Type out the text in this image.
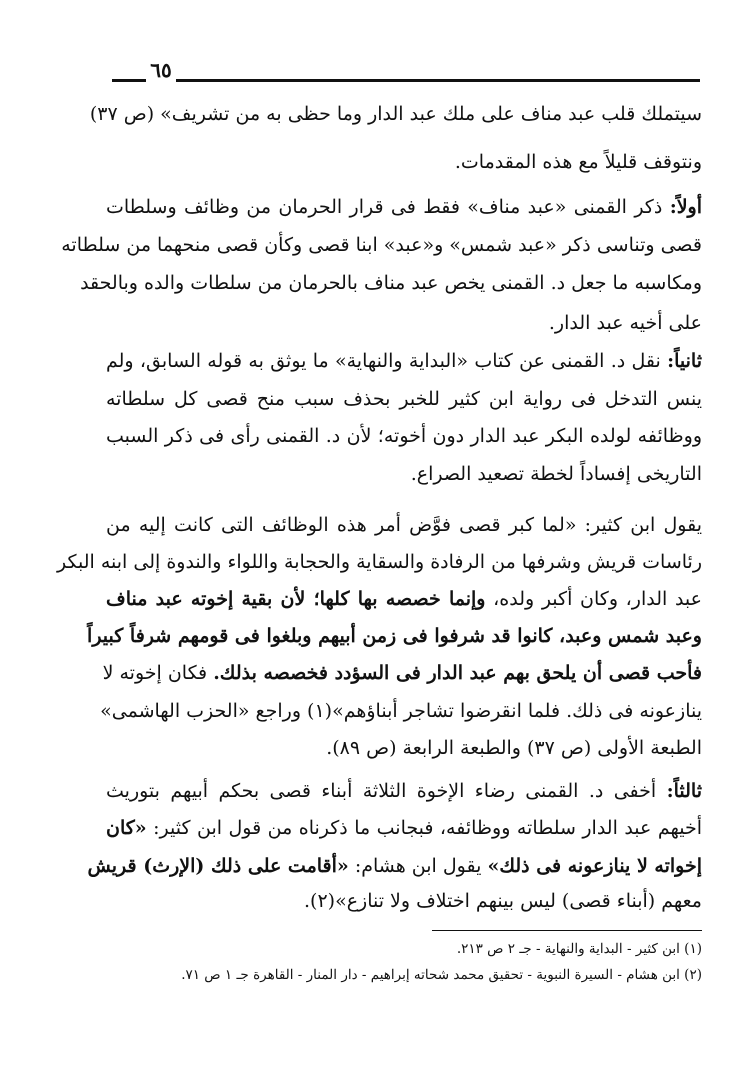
٦٥
سيتملك قلب عبد مناف على ملك عبد الدار وما حظى به من تشريف» (ص ٣٧)
ونتوقف قليلاً مع هذه المقدمات.
أولاً: ذكر القمنى «عبد مناف» فقط فى قرار الحرمان من وظائف وسلطات
قصى وتناسى ذكر «عبد شمس» و«عبد» ابنا قصى وكأن قصى منحهما من سلطاته
ومكاسبه ما جعل د. القمنى يخص عبد مناف بالحرمان من سلطات والده وبالحقد
على أخيه عبد الدار.
ثانياً: نقل د. القمنى عن كتاب «البداية والنهاية» ما يوثق به قوله السابق، ولم
ينس التدخل فى رواية ابن كثير للخبر بحذف سبب منح قصى كل سلطاته
ووظائفه لولده البكر عبد الدار دون أخوته؛ لأن د. القمنى رأى فى ذكر السبب
التاريخى إفساداً لخطة تصعيد الصراع.
يقول ابن كثير: «لما كبر قصى فوَّض أمر هذه الوظائف التى كانت إليه من
رئاسات قريش وشرفها من الرفادة والسقاية والحجابة واللواء والندوة إلى ابنه البكر
عبد الدار، وكان أكبر ولده، وإنما خصصه بها كلها؛ لأن بقية إخوته عبد مناف
وعبد شمس وعبد، كانوا قد شرفوا فى زمن أبيهم وبلغوا فى قومهم شرفاً كبيراً
فأحب قصى أن يلحق بهم عبد الدار فى السؤدد فخصصه بذلك. فكان إخوته لا
ينازعونه فى ذلك. فلما انقرضوا تشاجر أبناؤهم»(١) وراجع «الحزب الهاشمى»
الطبعة الأولى (ص ٣٧) والطبعة الرابعة (ص ٨٩).
ثالثاً: أخفى د. القمنى رضاء الإخوة الثلاثة أبناء قصى بحكم أبيهم بتوريث
أخيهم عبد الدار سلطاته ووظائفه، فبجانب ما ذكرناه من قول ابن كثير: «كان
إخواته لا ينازعونه فى ذلك» يقول ابن هشام: «أقامت على ذلك (الإرث) قريش
معهم (أبناء قصى) ليس بينهم اختلاف ولا تنازع»(٢).
(١) ابن كثير - البداية والنهاية - جـ ٢ ص ٢١٣.
(٢) ابن هشام - السيرة النبوية - تحقيق محمد شحاته إبراهيم - دار المنار - القاهرة جـ ١ ص ٧١.
